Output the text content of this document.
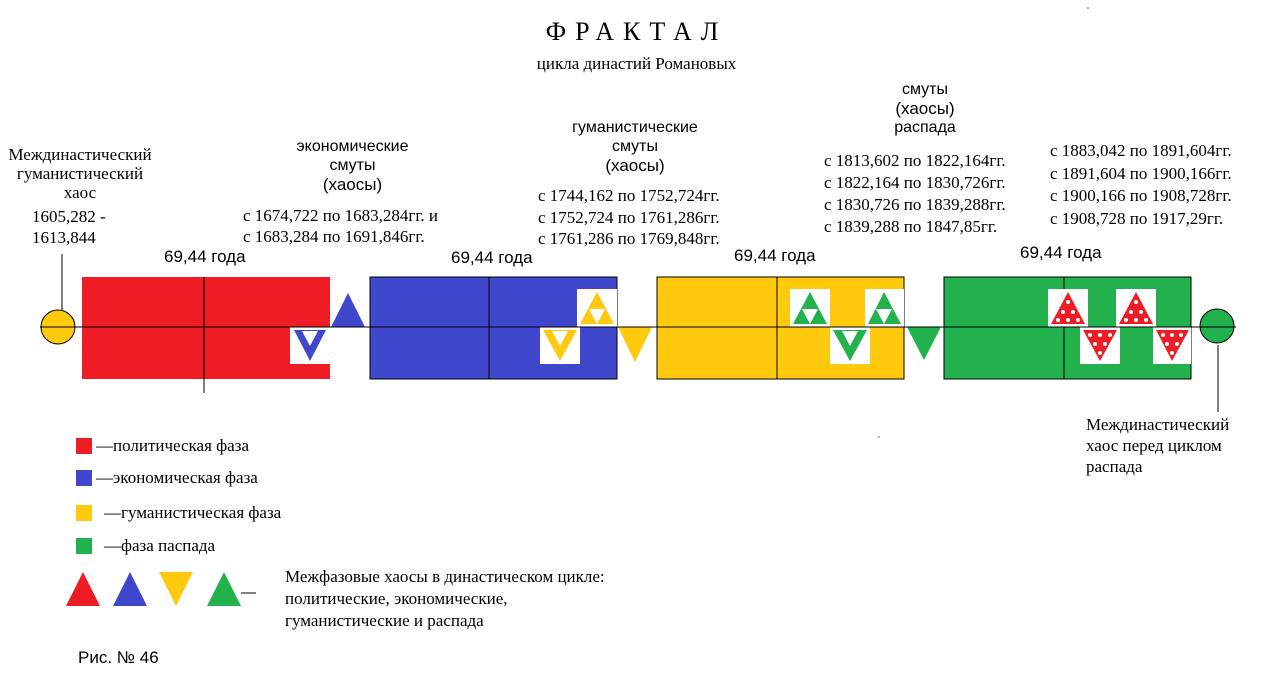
ФРАКТАЛ
цикла династий Романовых
Междинастический
гуманистический
хаос
1605,282 -
1613,844
экономические
смуты
(хаосы)
с 1674,722 по 1683,284гг. и
с 1683,284 по 1691,846гг.
гуманистические
смуты
(хаосы)
с 1744,162 по 1752,724гг.
с 1752,724 по 1761,286гг.
с 1761,286 по 1769,848гг.
смуты
(хаосы)
распада
с 1813,602 по 1822,164гг.
с 1822,164 по 1830,726гг.
с 1830,726 по 1839,288гг.
с 1839,288 по 1847,85гг.
с 1883,042 по 1891,604гг.
с 1891,604 по 1900,166гг.
с 1900,166 по 1908,728гг.
с 1908,728 по 1917,29гг.
69,44 года	69,44 года	69,44 года	69,44 года
Междинастический
хаос перед циклом
распада
—политическая фаза
—экономическая фаза
—гуманистическая фаза
—фаза паспада
Межфазовые хаосы в династическом цикле:
политические, экономические,
гуманистические и распада
Рис. № 46
